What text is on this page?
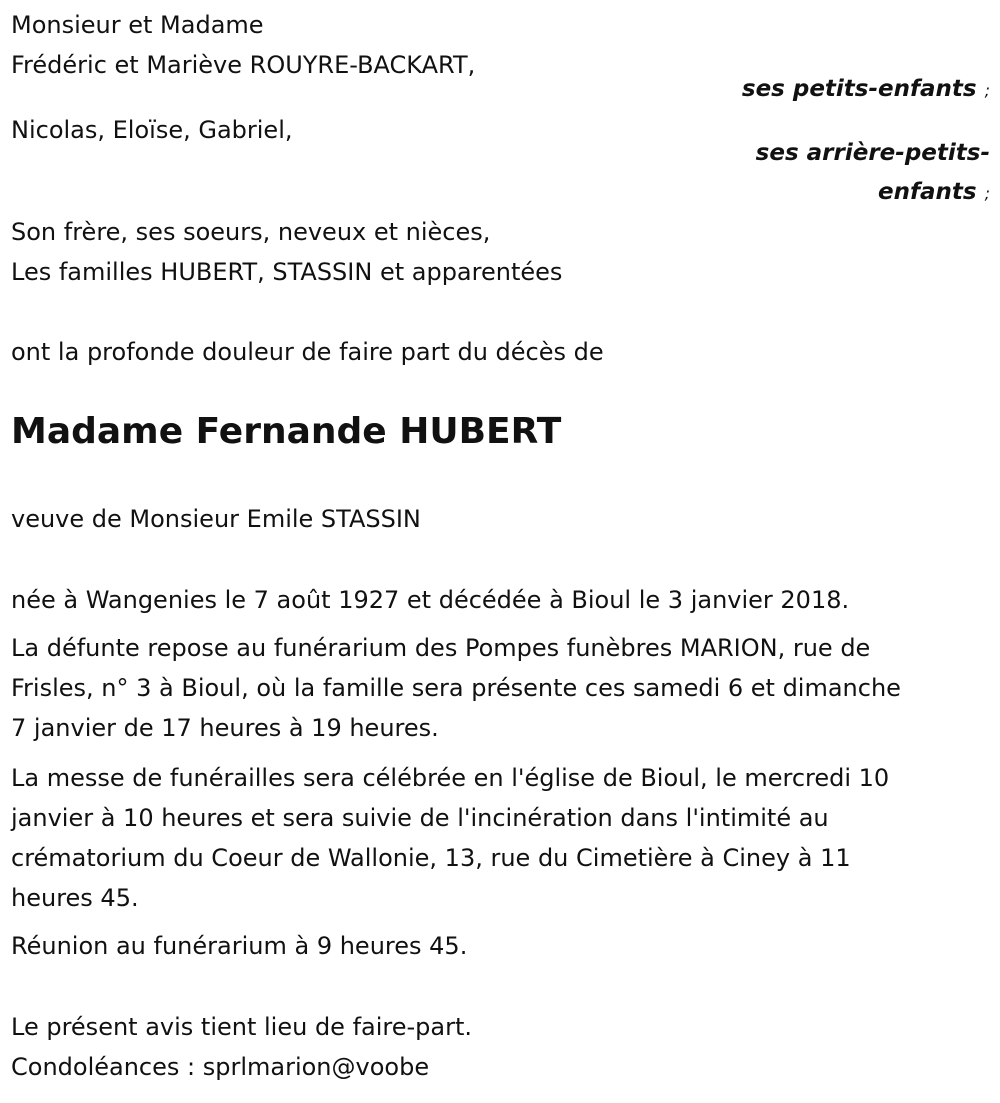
Monsieur et Madame
Frédéric et Mariève ROUYRE-BACKART,
ses petits-enfants ;
Nicolas, Eloïse, Gabriel,
ses arrière-petits-
enfants ;
Son frère, ses soeurs, neveux et nièces,
Les familles HUBERT, STASSIN et apparentées
ont la profonde douleur de faire part du décès de
Madame Fernande HUBERT
veuve de Monsieur Emile STASSIN
née à Wangenies le 7 août 1927 et décédée à Bioul le 3 janvier 2018.
La défunte repose au funérarium des Pompes funèbres MARION, rue de
Frisles, n° 3 à Bioul, où la famille sera présente ces samedi 6 et dimanche
7 janvier de 17 heures à 19 heures.
La messe de funérailles sera célébrée en l'église de Bioul, le mercredi 10
janvier à 10 heures et sera suivie de l'incinération dans l'intimité au
crématorium du Coeur de Wallonie, 13, rue du Cimetière à Ciney à 11
heures 45.
Réunion au funérarium à 9 heures 45.
Le présent avis tient lieu de faire-part.
Condoléances : sprlmarion@voobe
